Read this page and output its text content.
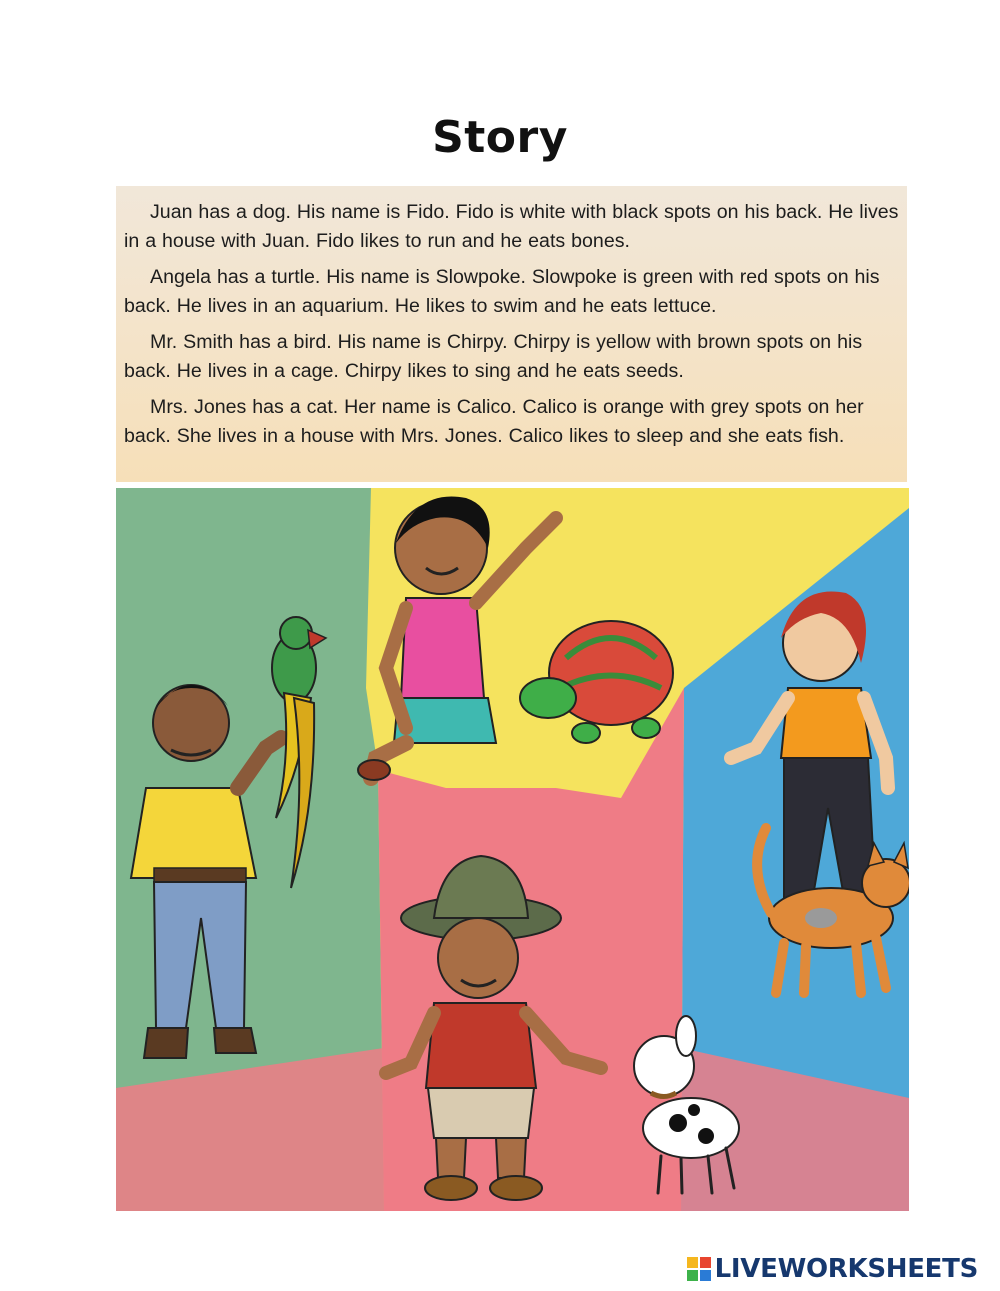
Story

Juan has a dog. His name is Fido. Fido is white with black spots on his back. He lives in a house with Juan. Fido likes to run and he eats bones.

Angela has a turtle. His name is Slowpoke. Slowpoke is green with red spots on his back. He lives in an aquarium. He likes to swim and he eats lettuce.

Mr. Smith has a bird. His name is Chirpy. Chirpy is yellow with brown spots on his back. He lives in a cage. Chirpy likes to sing and he eats seeds.

Mrs. Jones has a cat. Her name is Calico. Calico is orange with grey spots on her back. She lives in a house with Mrs. Jones. Calico likes to sleep and she eats fish.

LIVEWORKSHEETS
